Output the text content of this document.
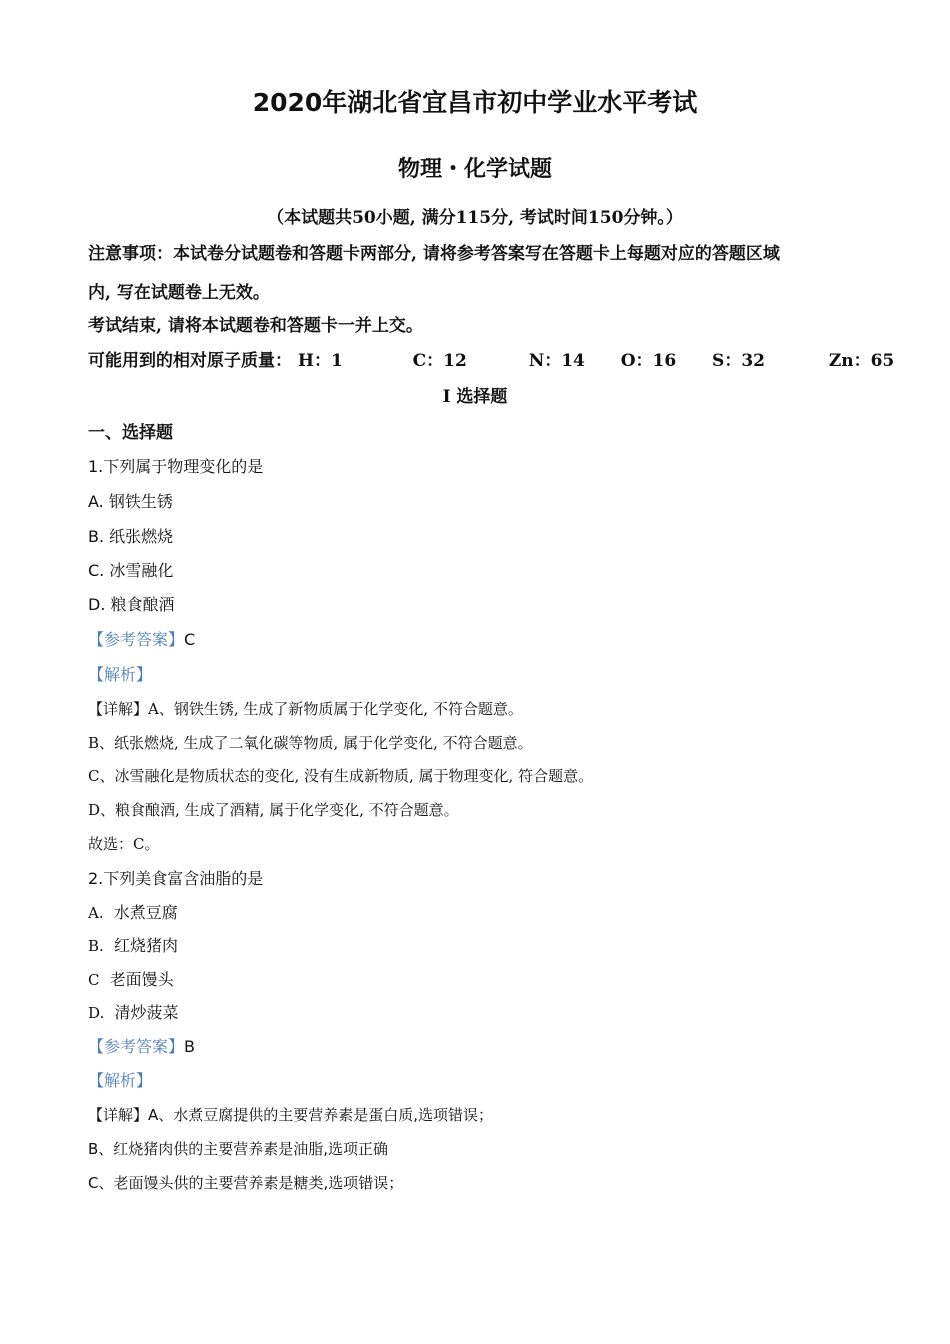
2020年湖北省宜昌市初中学业水平考试
物理・化学试题
（本试题共50小题, 满分115分, 考试时间150分钟。）
注意事项：本试卷分试题卷和答题卡两部分, 请将参考答案写在答题卡上每题对应的答题区域
内, 写在试题卷上无效。
考试结束, 请将本试题卷和答题卡一并上交。
可能用到的相对原子质量： H：1	C：12	N：14 O：16 S：32	Zn：65
I 选择题
一、选择题
1.下列属于物理变化的是
A. 钢铁生锈
B. 纸张燃烧
C. 冰雪融化
D. 粮食酿酒
【参考答案】C
【解析】
【详解】A、钢铁生锈, 生成了新物质属于化学变化, 不符合题意。
B、纸张燃烧, 生成了二氧化碳等物质, 属于化学变化, 不符合题意。
C、冰雪融化是物质状态的变化, 没有生成新物质, 属于物理变化, 符合题意。
D、粮食酿酒, 生成了酒精, 属于化学变化, 不符合题意。
故选：C。
2.下列美食富含油脂的是
A. 水煮豆腐
B. 红烧猪肉
C 老面馒头
D. 清炒菠菜
【参考答案】B
【解析】
【详解】A、水煮豆腐提供的主要营养素是蛋白质,选项错误；
B、红烧猪肉供的主要营养素是油脂,选项正确
C、老面馒头供的主要营养素是糖类,选项错误；
